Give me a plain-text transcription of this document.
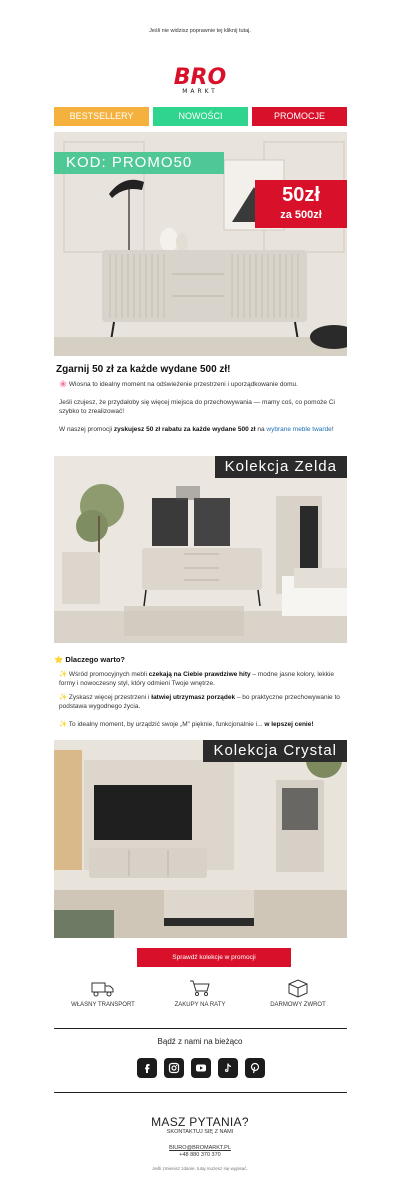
Jeśli nie widzisz poprawnie tej kliknij tutaj.
BRO
MARKT
BESTSELLERY	NOWOŚCI	PROMOCJE
KOD: PROMO50
50zł
za 500zł
Zgarnij 50 zł za każde wydane 500 zł!
🌸 Wiosna to idealny moment na odświeżenie przestrzeni i uporządkowanie domu.
Jeśli czujesz, że przydałoby się więcej miejsca do przechowywania — mamy coś, co pomoże Ci szybko to zrealizować!
W naszej promocji zyskujesz 50 zł rabatu za każde wydane 500 zł na wybrane meble twarde!
Kolekcja Zelda
⭐ Dlaczego warto?
✨ Wśród promocyjnych mebli czekają na Ciebie prawdziwe hity – modne jasne kolory, lekkie formy i nowoczesny styl, który odmieni Twoje wnętrze.
✨ Zyskasz więcej przestrzeni i łatwiej utrzymasz porządek – bo praktyczne przechowywanie to podstawa wygodnego życia.
✨ To idealny moment, by urządzić swoje „M" pięknie, funkcjonalnie i... w lepszej cenie!
Kolekcja Crystal
Sprawdź kolekcje w promocji
WŁASNY TRANSPORT	ZAKUPY NA RATY	DARMOWY ZWROT
Bądź z nami na bieżąco
MASZ PYTANIA?
SKONTAKTUJ SIĘ Z NAMI
BIURO@BROMARKT.PL
+48 880 370 370
Jeśli zmienisz zdanie, tutaj możesz się wypisać.
